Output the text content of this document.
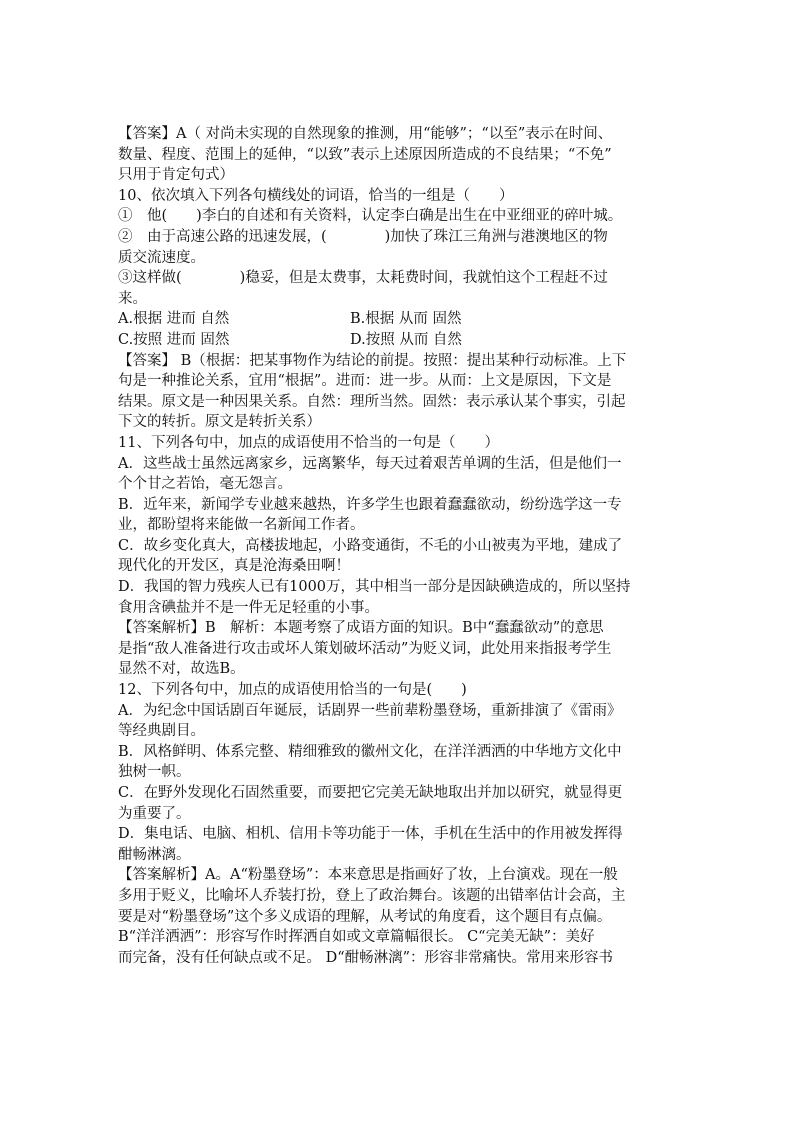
【答案】A（ 对尚未实现的自然现象的推测，用“能够”；“以至”表示在时间、

数量、程度、范围上的延伸，“以致”表示上述原因所造成的不良结果；“不免”

只用于肯定句式）

10、依次填入下列各句横线处的词语，恰当的一组是（　　）

①　他(　　)李白的自述和有关资料，认定李白确是出生在中亚细亚的碎叶城。

②　由于高速公路的迅速发展，(　　　　)加快了珠江三角洲与港澳地区的物

质交流速度。

③这样做(　　　　)稳妥，但是太费事，太耗费时间，我就怕这个工程赶不过

来。

A.根据 进而 自然	B.根据 从而 固然
C.按照 进而 固然	D.按照 从而 自然

【答案】 B（根据：把某事物作为结论的前提。按照：提出某种行动标准。上下

句是一种推论关系，宜用“根据”。进而：进一步。从而：上文是原因，下文是

结果。原文是一种因果关系。自然：理所当然。固然：表示承认某个事实，引起

下文的转折。原文是转折关系）

11、下列各句中，加点的成语使用不恰当的一句是（　　）

A．这些战士虽然远离家乡，远离繁华，每天过着艰苦单调的生活，但是他们一

个个甘之若饴，毫无怨言。

B．近年来，新闻学专业越来越热，许多学生也跟着蠢蠢欲动，纷纷选学这一专

业，都盼望将来能做一名新闻工作者。

C．故乡变化真大，高楼拔地起，小路变通街，不毛的小山被夷为平地，建成了

现代化的开发区，真是沧海桑田啊！

D．我国的智力残疾人已有1000万，其中相当一部分是因缺碘造成的，所以坚持

食用含碘盐并不是一件无足轻重的小事。

【答案解析】B　解析：本题考察了成语方面的知识。B中“蠢蠢欲动”的意思

是指“敌人准备进行攻击或坏人策划破坏活动”为贬义词，此处用来指报考学生

显然不对，故选B。

12、下列各句中，加点的成语使用恰当的一句是(　　)

A．为纪念中国话剧百年诞辰，话剧界一些前辈粉墨登场，重新排演了《雷雨》

等经典剧目。

B．风格鲜明、体系完整、精细雅致的徽州文化，在洋洋洒洒的中华地方文化中

独树一帜。

C．在野外发现化石固然重要，而要把它完美无缺地取出并加以研究，就显得更

为重要了。

D．集电话、电脑、相机、信用卡等功能于一体，手机在生活中的作用被发挥得

酣畅淋漓。

【答案解析】A。A“粉墨登场”：本来意思是指画好了妆，上台演戏。现在一般

多用于贬义，比喻坏人乔装打扮，登上了政治舞台。该题的出错率估计会高，主

要是对“粉墨登场”这个多义成语的理解，从考试的角度看，这个题目有点偏。

B“洋洋洒洒”：形容写作时挥洒自如或文章篇幅很长。 C“完美无缺”：美好

而完备，没有任何缺点或不足。 D“酣畅淋漓”：形容非常痛快。常用来形容书
